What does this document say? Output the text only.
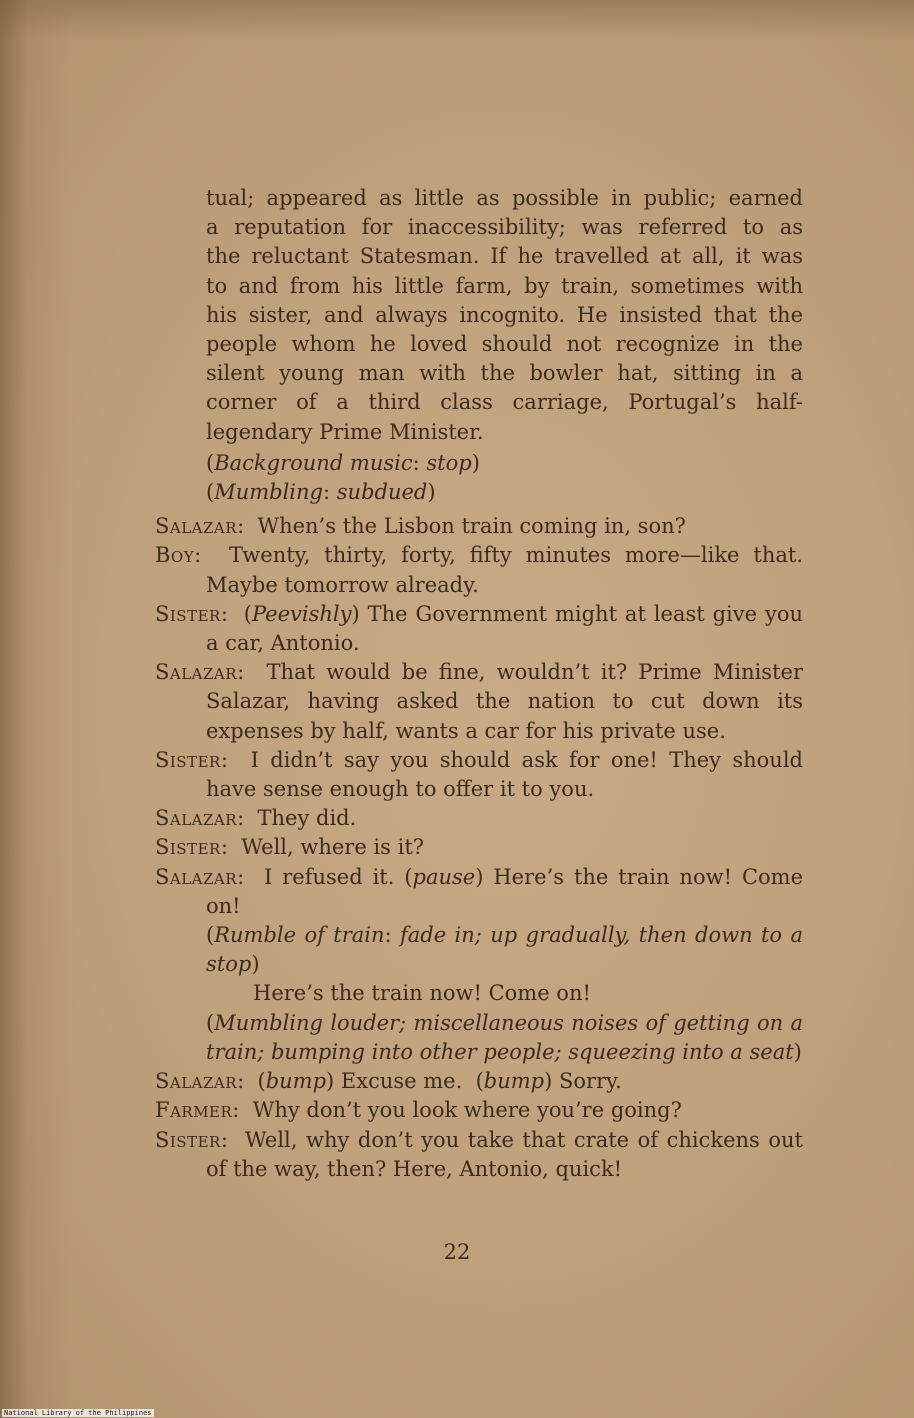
tual; appeared as little as possible in public; earned
a reputation for inaccessibility; was referred to as
the reluctant Statesman. If he travelled at all, it was
to and from his little farm, by train, sometimes with
his sister, and always incognito. He insisted that the
people whom he loved should not recognize in the
silent young man with the bowler hat, sitting in a
corner of a third class carriage, Portugal’s half-
legendary Prime Minister.
(Background music: stop)
(Mumbling: subdued)

Salazar:  When’s the Lisbon train coming in, son?

Boy:  Twenty, thirty, forty, fifty minutes more—like that. Maybe tomorrow already.

Sister:  (Peevishly) The Government might at least give you a car, Antonio.

Salazar:  That would be fine, wouldn’t it? Prime Minister Salazar, having asked the nation to cut down its expenses by half, wants a car for his private use.

Sister:  I didn’t say you should ask for one! They should have sense enough to offer it to you.

Salazar:  They did.

Sister:  Well, where is it?

Salazar:  I refused it. (pause) Here’s the train now! Come on!

(Rumble of train: fade in; up gradually, then down to a stop)

Here’s the train now! Come on!

(Mumbling louder; miscellaneous noises of getting on a train; bumping into other people; squeezing into a seat)

Salazar:  (bump) Excuse me.  (bump) Sorry.

Farmer:  Why don’t you look where you’re going?

Sister:  Well, why don’t you take that crate of chickens out of the way, then? Here, Antonio, quick!

22
National Library of the Philippines
